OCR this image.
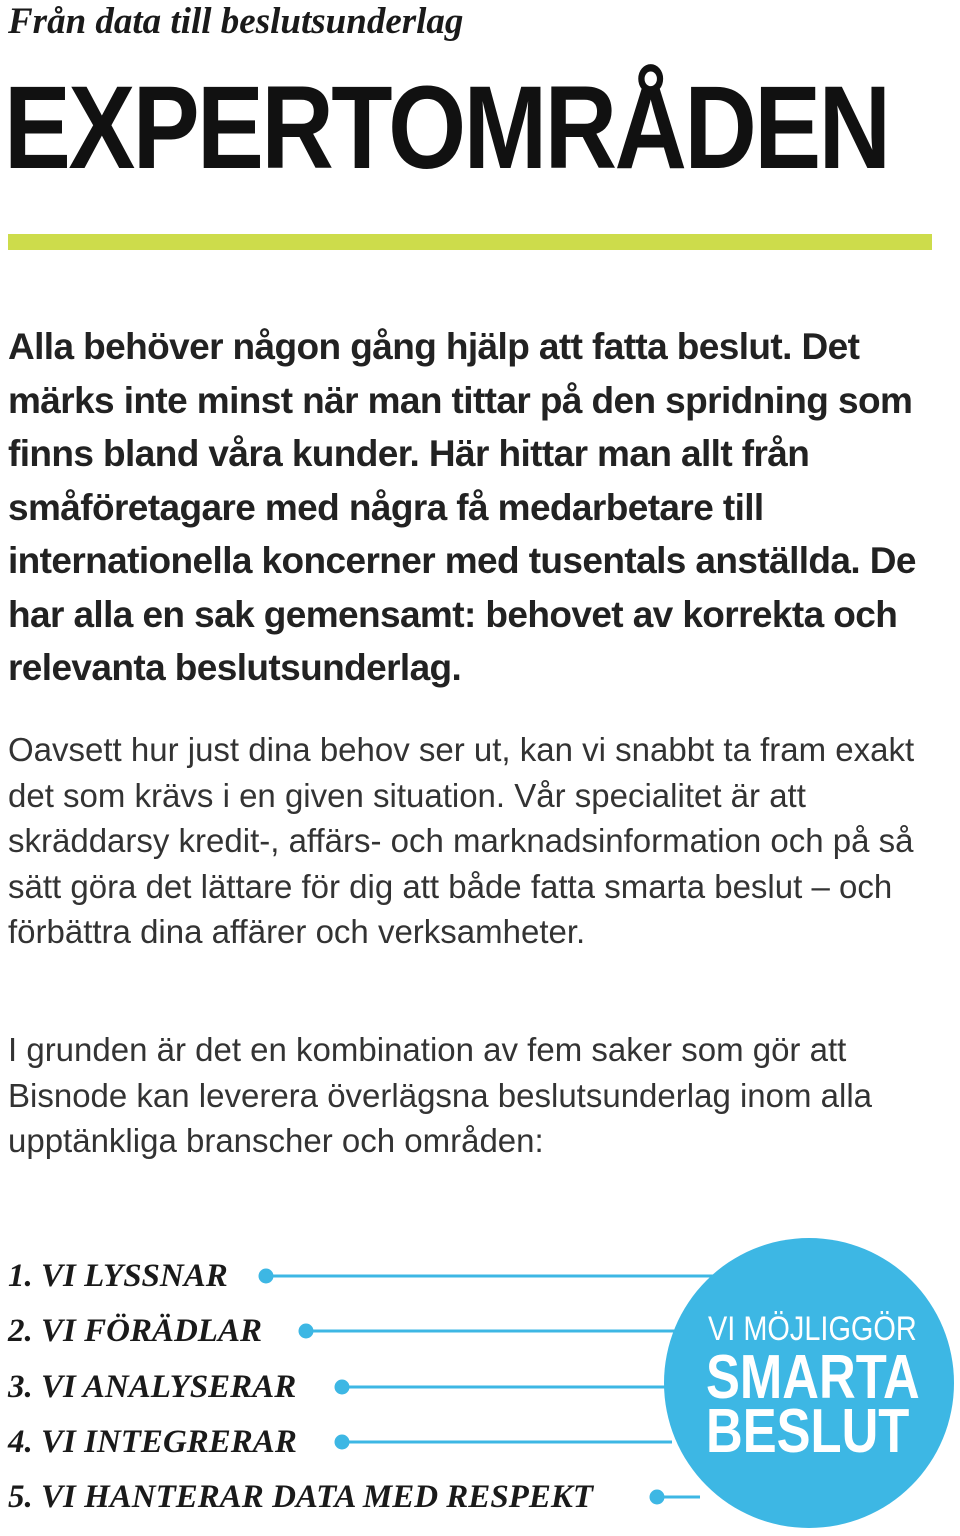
Från data till beslutsunderlag
EXPERTOMRÅDEN

Alla behöver någon gång hjälp att fatta beslut. Det märks inte minst när man tittar på den spridning som finns bland våra kunder. Här hittar man allt från småföretagare med några få medarbetare till internationella koncerner med tusentals anställda. De har alla en sak gemensamt: behovet av korrekta och relevanta beslutsunderlag.

Oavsett hur just dina behov ser ut, kan vi snabbt ta fram exakt det som krävs i en given situation. Vår specialitet är att skräddarsy kredit-, affärs- och marknadsinformation och på så sätt göra det lättare för dig att både fatta smarta beslut – och förbättra dina affärer och verksamheter.

I grunden är det en kombination av fem saker som gör att Bisnode kan leverera överlägsna beslutsunderlag inom alla upptänkliga branscher och områden:

VI MÖJLIGGÖR
SMARTA
BESLUT
1. VI LYSSNAR
2. VI FÖRÄDLAR
3. VI ANALYSERAR
4. VI INTEGRERAR
5. VI HANTERAR DATA MED RESPEKT
